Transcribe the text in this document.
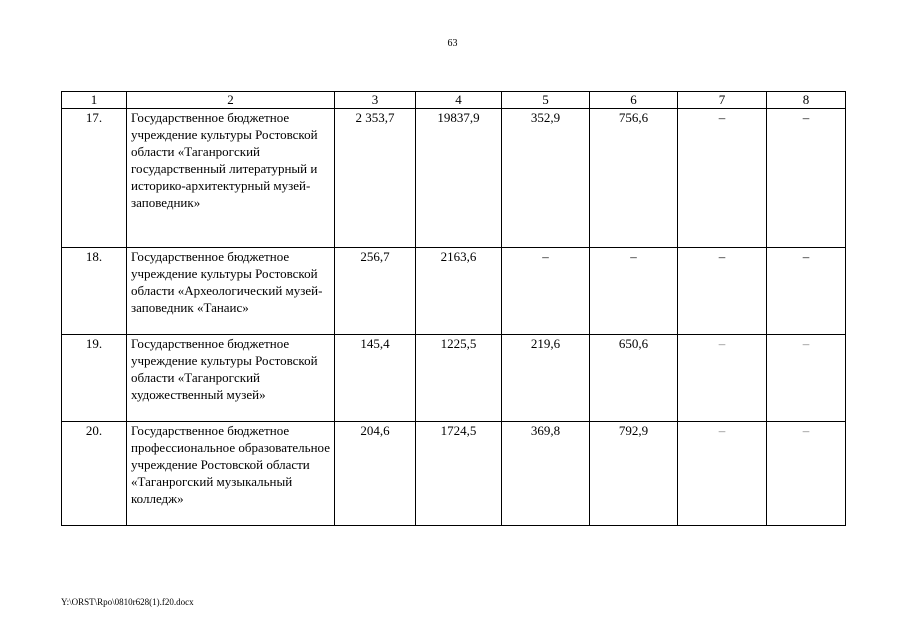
63
1	2	3	4	5	6	7	8
17.	Государственное бюджетное учреждение культуры Ростовской области «Таганрогский государственный литературный и историко-архитектурный музей-заповедник»	2 353,7	19837,9	352,9	756,6	–	–
18.	Государственное бюджетное учреждение культуры Ростовской области «Археологический музей-заповедник «Танаис»	256,7	2163,6	–	–	–	–
19.	Государственное бюджетное учреждение культуры Ростовской области «Таганрогский художественный музей»	145,4	1225,5	219,6	650,6	–	–
20.	Государственное бюджетное профессиональное образовательное учреждение Ростовской области «Таганрогский музыкальный колледж»	204,6	1724,5	369,8	792,9	–	–
Y:\ORST\Rpo\0810r628(1).f20.docx
